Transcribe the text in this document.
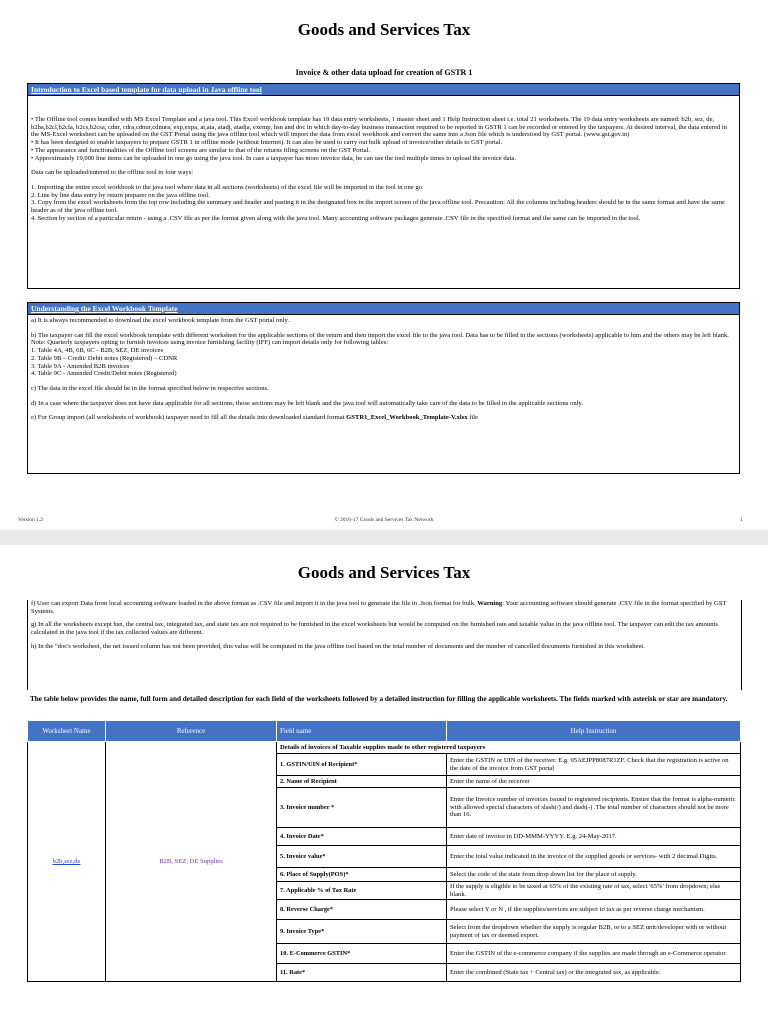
Goods and Services Tax
Invoice & other data upload for creation of GSTR 1
Introduction to Excel based template for data upload in Java offline tool

• The Offline tool comes bundled with MS Excel Template and a java tool. This Excel workbook template has 19 data entry worksheets, 1 master sheet and 1 Help Instruction sheet i.e. total 21 worksheets. The 19 data entry worksheets are named: b2b, sez, de, b2ba,b2cl,b2cla, b2cs,b2csa, cdnr, cdra,cdnur,cdnura, exp,expa, at,ata, atadj, atadja, exemp, hsn and doc in which day-to-day business transaction required to be reported in GSTR 1 can be recorded or entered by the taxpayers. At desired interval, the data entered in the MS-Excel worksheet can be uploaded on the GST Portal using the java offline tool which will import the data from excel workbook and convert the same into a Json file which is understood by GST portal. (www.gst.gov.in)

• It has been designed to enable taxpayers to prepare GSTR 1 in offline mode (without Internet). It can also be used to carry out bulk upload of invoice/other details to GST portal.

• The appearance and functionalities of the Offline tool screens are similar to that of the returns filing screens on the GST Portal.

• Approximately 19,000 line items can be uploaded in one go using the java tool. In case a taxpayer has more invoice data, he can use the tool multiple times to upload the invoice data.

Data can be uploaded/entered to the offline tool in four ways:

1. Importing the entire excel workbook to the java tool where data in all sections (worksheets) of the excel file will be imported in the tool in one go.

2. Line by line data entry by return preparer on the java offline tool.

3. Copy from the excel worksheets from the top row including the summary and header and pasting it in the designated box in the import screen of the java offline tool. Precaution: All the columns including headers should be in the same format and have the same header as of the java offline tool.

4. Section by section of a particular return - using a .CSV file as per the format given along with the java tool. Many accounting software packages generate .CSV file in the specified format and the same can be imported in the tool.

Understanding the Excel Workbook Template

a) It is always recommended to download the excel workbook template from the GST portal only.

b) The taxpayer can fill the excel workbook template with different worksheet for the applicable sections of the return and then import the excel file to the java tool. Data has to be filled in the sections (worksheets) applicable to him and the others may be left blank.

Note: Quarterly taxpayers opting to furnish invoices using invoice furnishing facility (IFF) can import details only for following tables:

1. Table 4A, 4B, 6B, 6C - B2B, SEZ, DE invoices

2. Table 9B – Credit/ Debit notes (Registered) – CDNR

3. Table 9A - Amended B2B invoices

4. Table 9C - Amended Credit/Debit notes (Registered)

c) The data in the excel file should be in the format specified below in respective sections.

d) In a case where the taxpayer does not have data applicable for all sections, those sections may be left blank and the java tool will automatically take care of the data to be filled in the applicable sections only.

e) For Group import (all worksheets of workbook) taxpayer need to fill all the details into downloaded standard format GSTR1_Excel_Workbook_Template-V.xlsx file

Version 1.2	© 2016-17 Goods and Services Tax Network	1
Goods and Services Tax

f) User can export Data from local accounting software loaded in the above format as .CSV file and import it in the java tool to generate the file in .Json format for bulk. Warning: Your accounting software should generate .CSV file in the format specified by GST Systems.

g) In all the worksheets except hsn, the central tax, integrated tax, and state tax are not required to be furnished in the excel worksheets but would be computed on the furnished rate and taxable value in the java offline tool. The taxpayer can edit the tax amounts calculated in the java tool if the tax collected values are different.

h) In the "doc's worksheet, the net issued column has not been provided, this value will be computed in the java offline tool based on the total number of documents and the number of cancelled documents furnished in this worksheet.

The table below provides the name, full form and detailed description for each field of the worksheets followed by a detailed instruction for filling the applicable worksheets. The fields marked with asterisk or star are mandatory.
Worksheet Name	Reference	Field name	Help Instruction
b2b,sez,de	B2B, SEZ, DE Supplies	Details of invoices of Taxable supplies made to other registered taxpayers	
		1. GSTIN/UIN of Recipient*	Enter the GSTIN or UIN of the receiver. E.g. 05AEJPP8087R1ZF. Check that the registration is active on the date of the invoice from GST portal
		2. Name of Recipient	Enter the name of the receiver
		3. Invoice number *	Enter the Invoice number of invoices issued to registered recipients. Ensure that the format is alpha-numeric with allowed special characters of slash(/) and dash(-) .The total number of characters should not be more than 16.
		4. Invoice Date*	Enter date of invoice in DD-MMM-YYYY. E.g. 24-May-2017.
		5. Invoice value*	Enter the total value indicated in the invoice of the supplied goods or services- with 2 decimal Digits.
		6. Place of Supply(POS)*	Select the code of the state from drop down list for the place of supply.
		7. Applicable % of Tax Rate	If the supply is eligible to be taxed at 65% of the existing rate of tax, select '65%' from dropdown; else blank.
		8. Reverse Charge*	Please select Y or N , if the supplies/services are subject to tax as per reverse charge mechanism.
		9. Invoice Type*	Select from the dropdown whether the supply is regular B2B, or to a SEZ unit/developer with or without payment of tax or deemed export.
		10. E-Commerce GSTIN*	Enter the GSTIN of the e-commerce company if the supplies are made through an e-Commerce operator.
		11. Rate*	Enter the combined (State tax + Central tax) or the integrated tax, as applicable.
